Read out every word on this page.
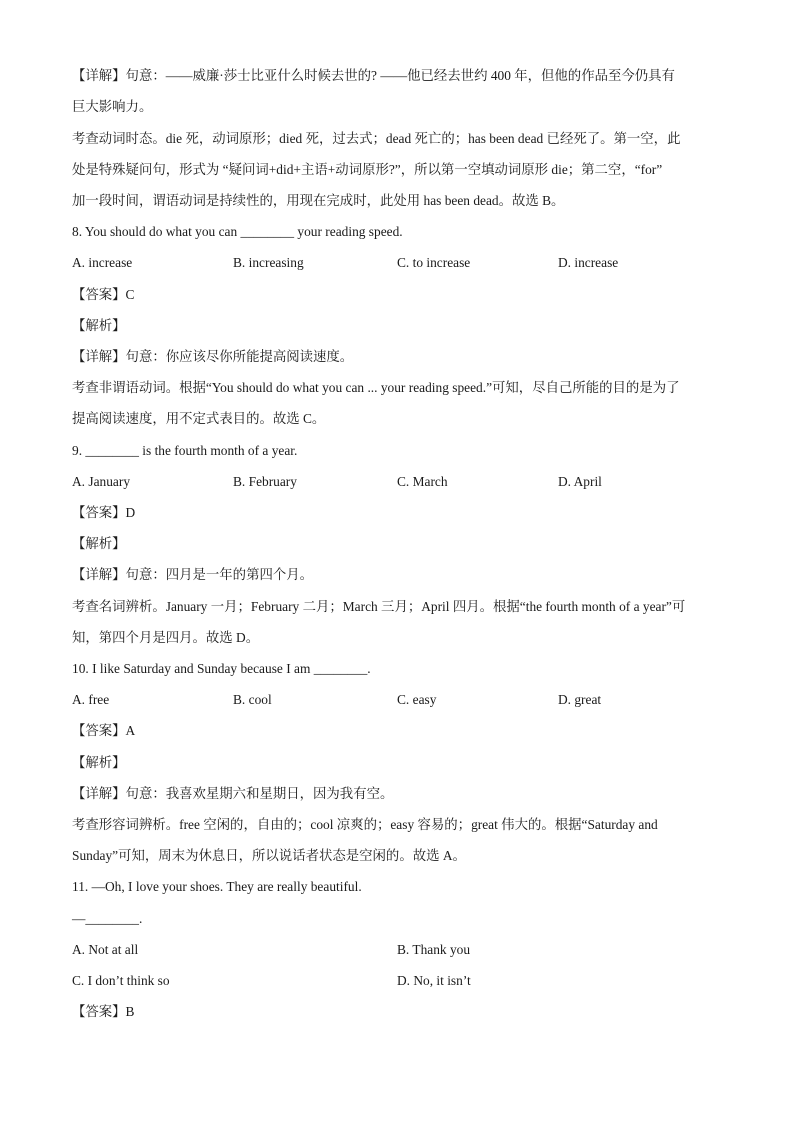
【详解】句意：——威廉·莎士比亚什么时候去世的? ——他已经去世约 400 年，但他的作品至今仍具有
巨大影响力。
考查动词时态。die 死，动词原形；died 死，过去式；dead 死亡的；has been dead 已经死了。第一空，此
处是特殊疑问句，形式为 “疑问词+did+主语+动词原形?”，所以第一空填动词原形 die；第二空，“for”
加一段时间，谓语动词是持续性的，用现在完成时，此处用 has been dead。故选 B。
8. You should do what you can ________ your reading speed.
A. increase	B. increasing	C. to increase	D. increase
【答案】C
【解析】
【详解】句意：你应该尽你所能提高阅读速度。
考查非谓语动词。根据“You should do what you can ... your reading speed.”可知，尽自己所能的目的是为了
提高阅读速度，用不定式表目的。故选 C。
9. ________ is the fourth month of a year.
A. January	B. February	C. March	D. April
【答案】D
【解析】
【详解】句意：四月是一年的第四个月。
考查名词辨析。January 一月；February 二月；March 三月；April 四月。根据“the fourth month of a year”可
知，第四个月是四月。故选 D。
10. I like Saturday and Sunday because I am ________.
A. free	B. cool	C. easy	D. great
【答案】A
【解析】
【详解】句意：我喜欢星期六和星期日，因为我有空。
考查形容词辨析。free 空闲的，自由的；cool 凉爽的；easy 容易的；great 伟大的。根据“Saturday and
Sunday”可知，周末为休息日，所以说话者状态是空闲的。故选 A。
11. —Oh, I love your shoes. They are really beautiful.
—________.
A. Not at all	B. Thank you
C. I don’t think so	D. No, it isn’t
【答案】B
